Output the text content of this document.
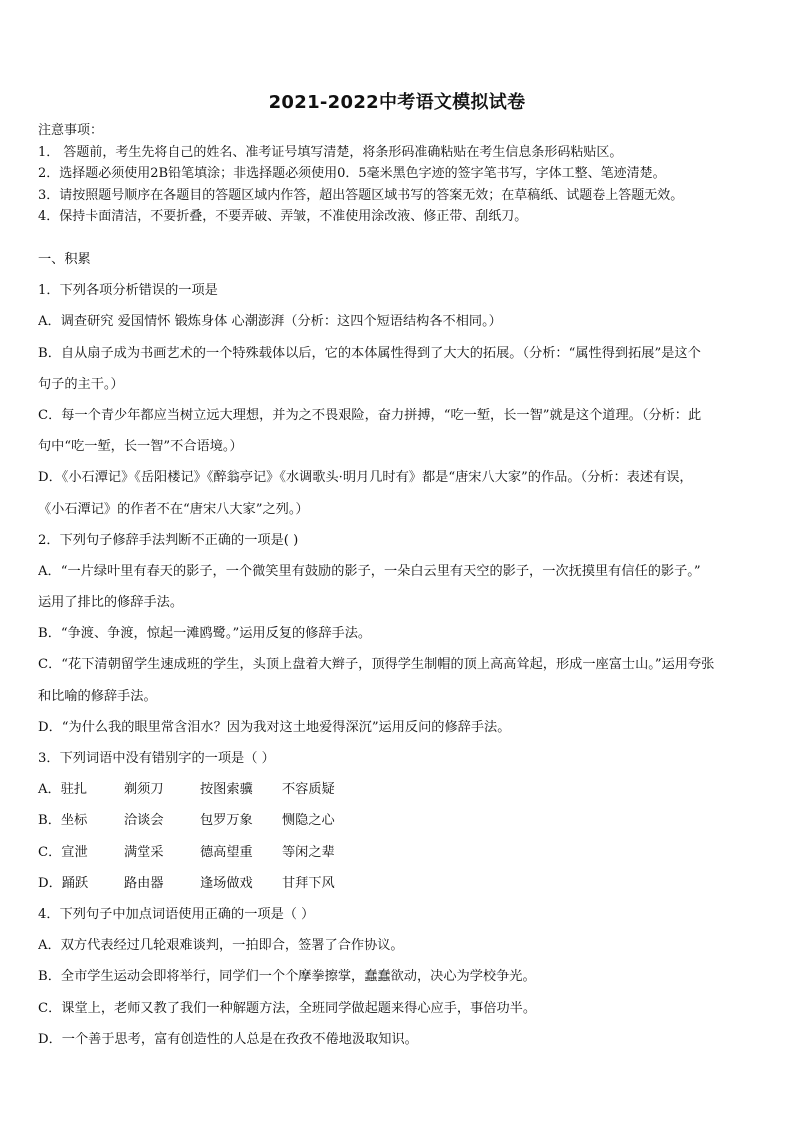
2021-2022中考语文模拟试卷
注意事项：
1． 答题前，考生先将自己的姓名、准考证号填写清楚，将条形码准确粘贴在考生信息条形码粘贴区。
2．选择题必须使用2B铅笔填涂；非选择题必须使用0．5毫米黑色字迹的签字笔书写，字体工整、笔迹清楚。
3．请按照题号顺序在各题目的答题区域内作答，超出答题区域书写的答案无效；在草稿纸、试题卷上答题无效。
4．保持卡面清洁，不要折叠，不要弄破、弄皱，不准使用涂改液、修正带、刮纸刀。
一、积累
1．下列各项分析错误的一项是
A．调查研究 爱国情怀 锻炼身体 心潮澎湃（分析：这四个短语结构各不相同。）
B．自从扇子成为书画艺术的一个特殊载体以后，它的本体属性得到了大大的拓展。（分析：“属性得到拓展”是这个
句子的主干。）
C．每一个青少年都应当树立远大理想，并为之不畏艰险，奋力拼搏，“吃一堑，长一智”就是这个道理。（分析：此
句中“吃一堑，长一智”不合语境。）
D．《小石潭记》《岳阳楼记》《醉翁亭记》《水调歌头·明月几时有》都是“唐宋八大家”的作品。（分析：表述有误，
《小石潭记》的作者不在“唐宋八大家”之列。）
2．下列句子修辞手法判断不正确的一项是( )
A．“一片绿叶里有春天的影子，一个微笑里有鼓励的影子，一朵白云里有天空的影子，一次抚摸里有信任的影子。”
运用了排比的修辞手法。
B．“争渡、争渡，惊起一滩鸥鹭。”运用反复的修辞手法。
C．“花下清朝留学生速成班的学生，头顶上盘着大辫子，顶得学生制帽的顶上高高耸起，形成一座富士山。”运用夸张
和比喻的修辞手法。
D．“为什么我的眼里常含泪水？因为我对这土地爱得深沉”运用反问的修辞手法。
3．下列词语中没有错别字的一项是（ ）
A．驻扎	剃须刀	按图索骥	不容质疑
B．坐标	洽谈会	包罗万象	恻隐之心
C．宣泄	满堂采	德高望重	等闲之辈
D．踊跃	路由器	逢场做戏	甘拜下风
4．下列句子中加点词语使用正确的一项是（ ）
A．双方代表经过几轮艰难谈判，一拍即合，签署了合作协议。
B．全市学生运动会即将举行，同学们一个个摩拳擦掌，蠢蠢欲动，决心为学校争光。
C．课堂上，老师又教了我们一种解题方法，全班同学做起题来得心应手，事倍功半。
D．一个善于思考，富有创造性的人总是在孜孜不倦地汲取知识。
